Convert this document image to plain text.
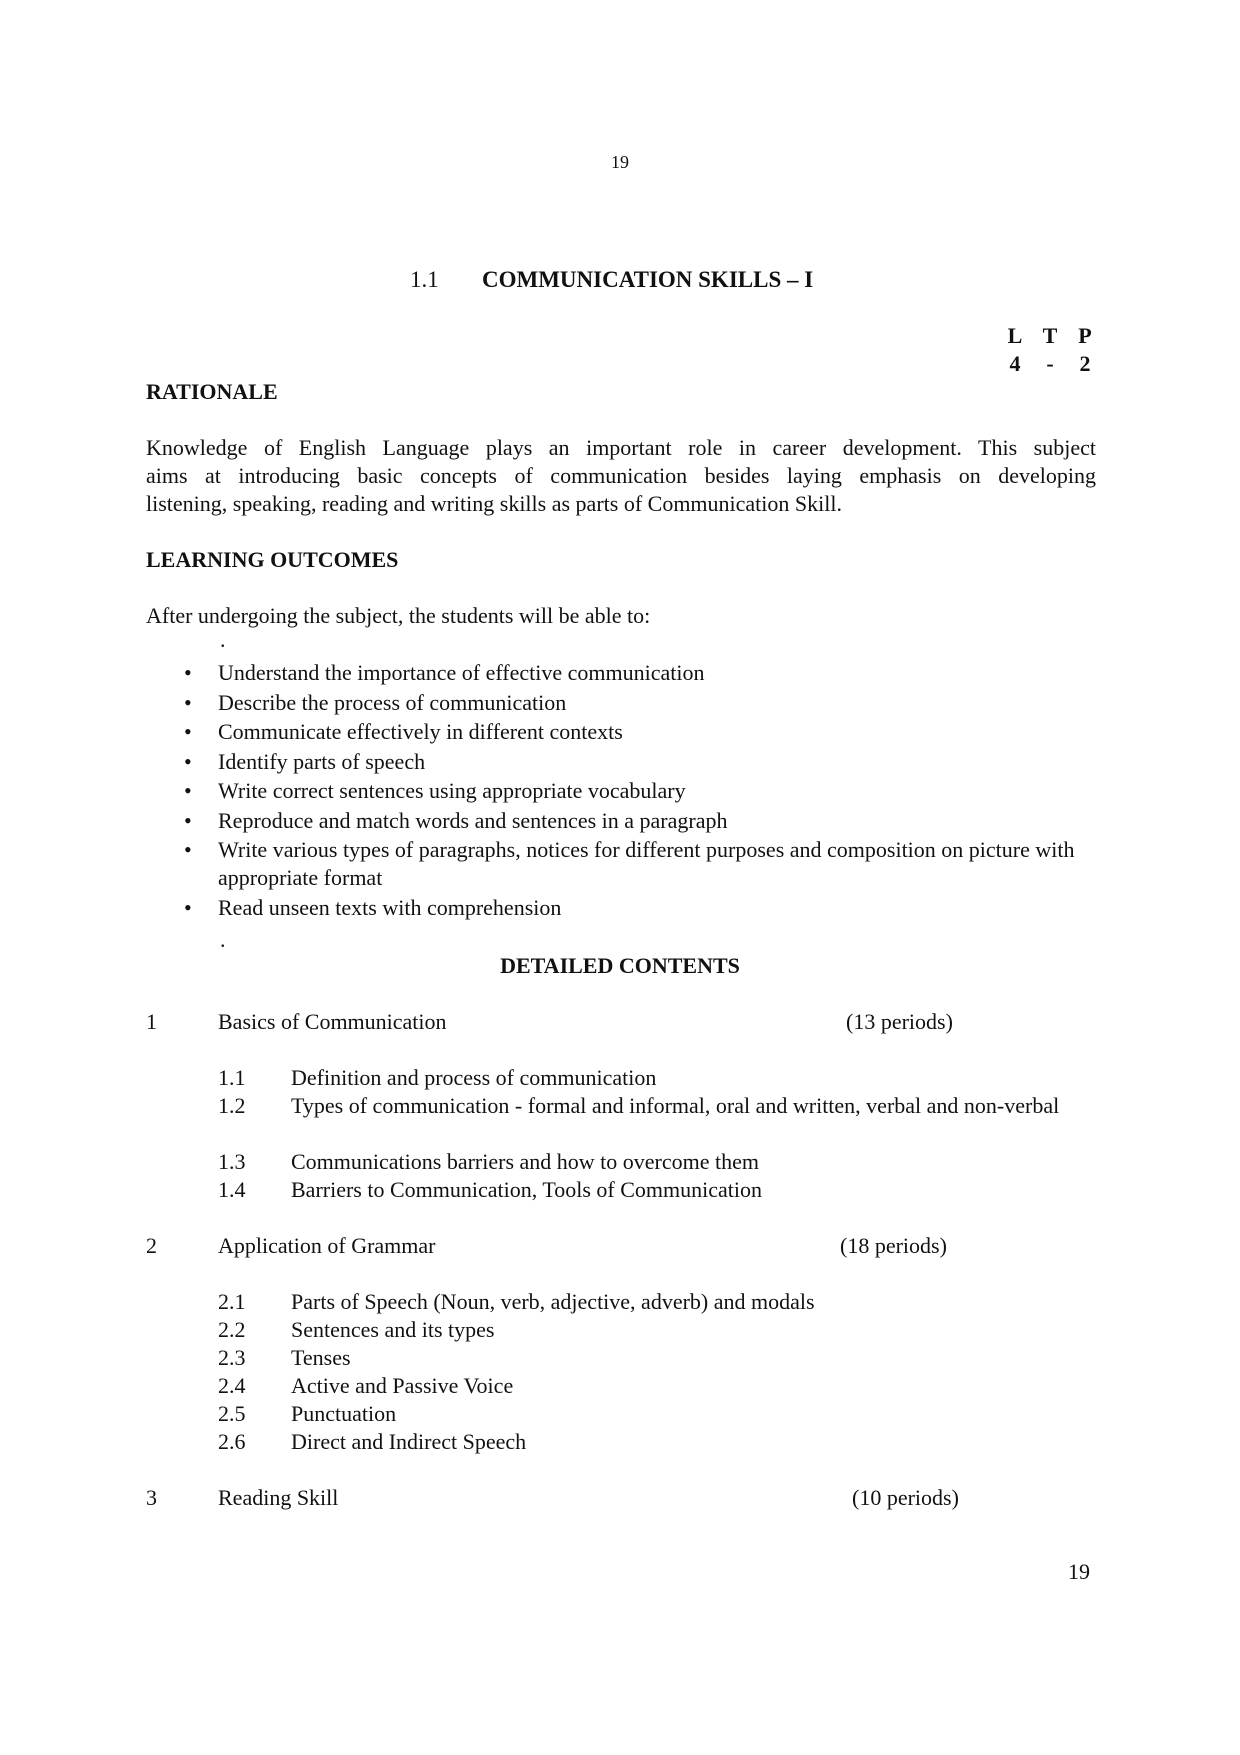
19
1.1 COMMUNICATION SKILLS – I
L T P
4	-	2
RATIONALE
Knowledge of English Language plays an important role in career development. This subject
aims at introducing basic concepts of communication besides laying emphasis on developing
listening, speaking, reading and writing skills as parts of Communication Skill.
LEARNING OUTCOMES
After undergoing the subject, the students will be able to:
.
• Understand the importance of effective communication
• Describe the process of communication
• Communicate effectively in different contexts
• Identify parts of speech
• Write correct sentences using appropriate vocabulary
• Reproduce and match words and sentences in a paragraph
• Write various types of paragraphs, notices for different purposes and composition on picture with appropriate format
• Read unseen texts with comprehension
.
DETAILED CONTENTS
1	Basics of Communication	(13 periods)
1.1 Definition and process of communication
1.2 Types of communication - formal and informal, oral and written, verbal and non-verbal
1.3 Communications barriers and how to overcome them
1.4 Barriers to Communication, Tools of Communication
2	Application of Grammar	(18 periods)
2.1 Parts of Speech (Noun, verb, adjective, adverb) and modals
2.2 Sentences and its types
2.3 Tenses
2.4 Active and Passive Voice
2.5 Punctuation
2.6 Direct and Indirect Speech
3	Reading Skill	(10 periods)
19
